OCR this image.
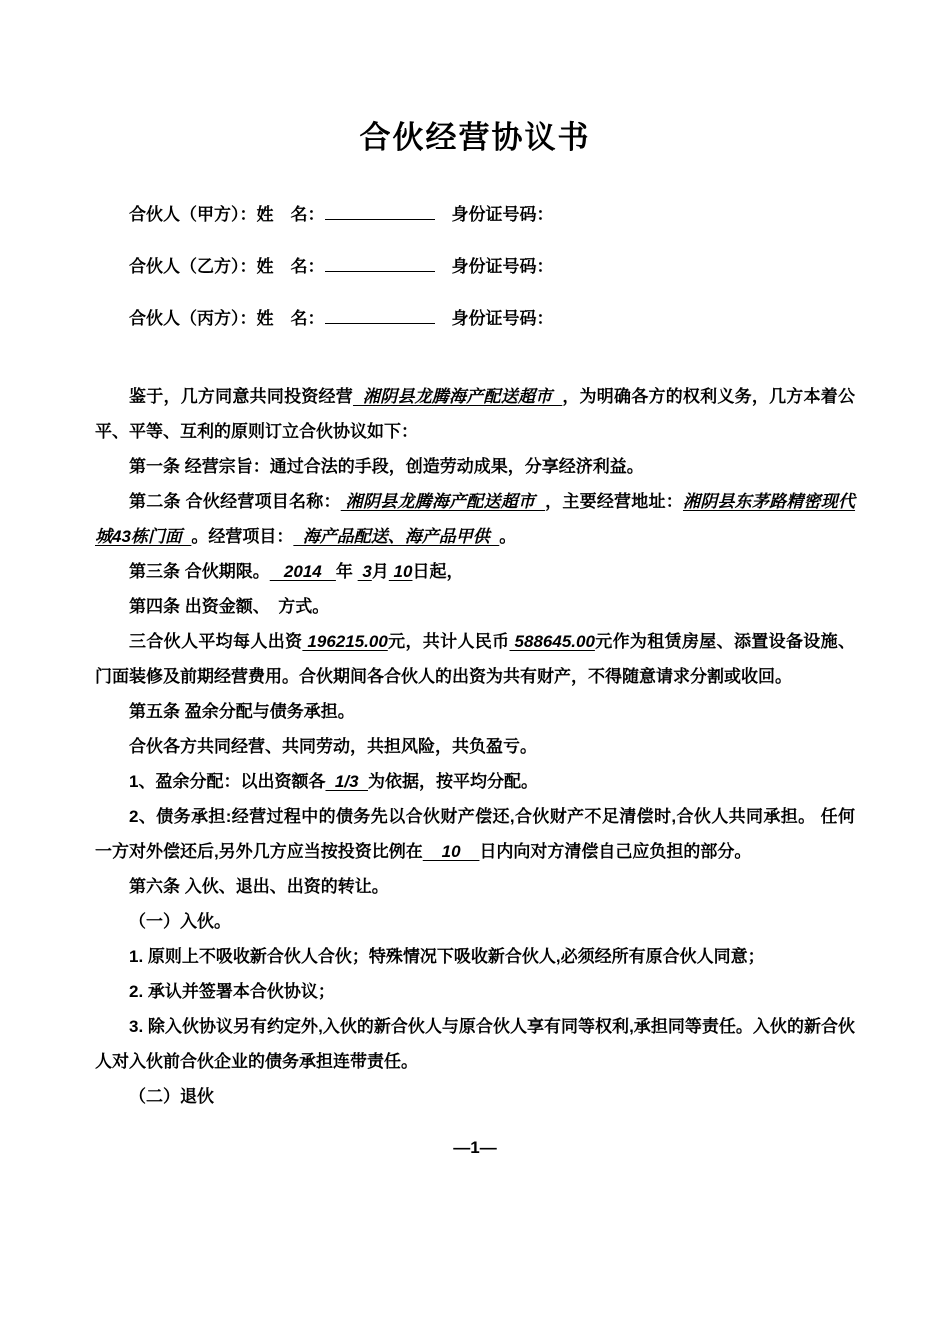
合伙经营协议书

合伙人（甲方）：姓　名：	　身份证号码：

合伙人（乙方）：姓　名：	　身份证号码：

合伙人（丙方）：姓　名：	　身份证号码：

鉴于，几方同意共同投资经营  湘阴县龙腾海产配送超市  ，为明确各方的权利义务，几方本着公平、平等、互利的原则订立合伙协议如下：

第一条 经营宗旨：通过合法的手段，创造劳动成果，分享经济利益。

第二条 合伙经营项目名称： 湘阴县龙腾海产配送超市  ，主要经营地址：湘阴县东茅路精密现代城43栋门面  。经营项目：  海产品配送、海产品甲供  。

第三条 合伙期限。   2014   年  3月 10日起，

第四条 出资金额、　方式。

三合伙人平均每人出资 196215.00元，共计人民币 588645.00元作为租赁房屋、添置设备设施、门面装修及前期经营费用。合伙期间各合伙人的出资为共有财产，不得随意请求分割或收回。

第五条 盈余分配与债务承担。

合伙各方共同经营、共同劳动，共担风险，共负盈亏。

1、盈余分配：以出资额各  1/3  为依据，按平均分配。

2、债务承担:经营过程中的债务先以合伙财产偿还,合伙财产不足清偿时,合伙人共同承担。 任何一方对外偿还后,另外几方应当按投资比例在    10    日内向对方清偿自己应负担的部分。

第六条 入伙、退出、出资的转让。

（一）入伙。

1. 原则上不吸收新合伙人合伙；特殊情况下吸收新合伙人,必须经所有原合伙人同意；

2. 承认并签署本合伙协议；

3. 除入伙协议另有约定外,入伙的新合伙人与原合伙人享有同等权利,承担同等责任。入伙的新合伙人对入伙前合伙企业的债务承担连带责任。

（二）退伙

—1—
